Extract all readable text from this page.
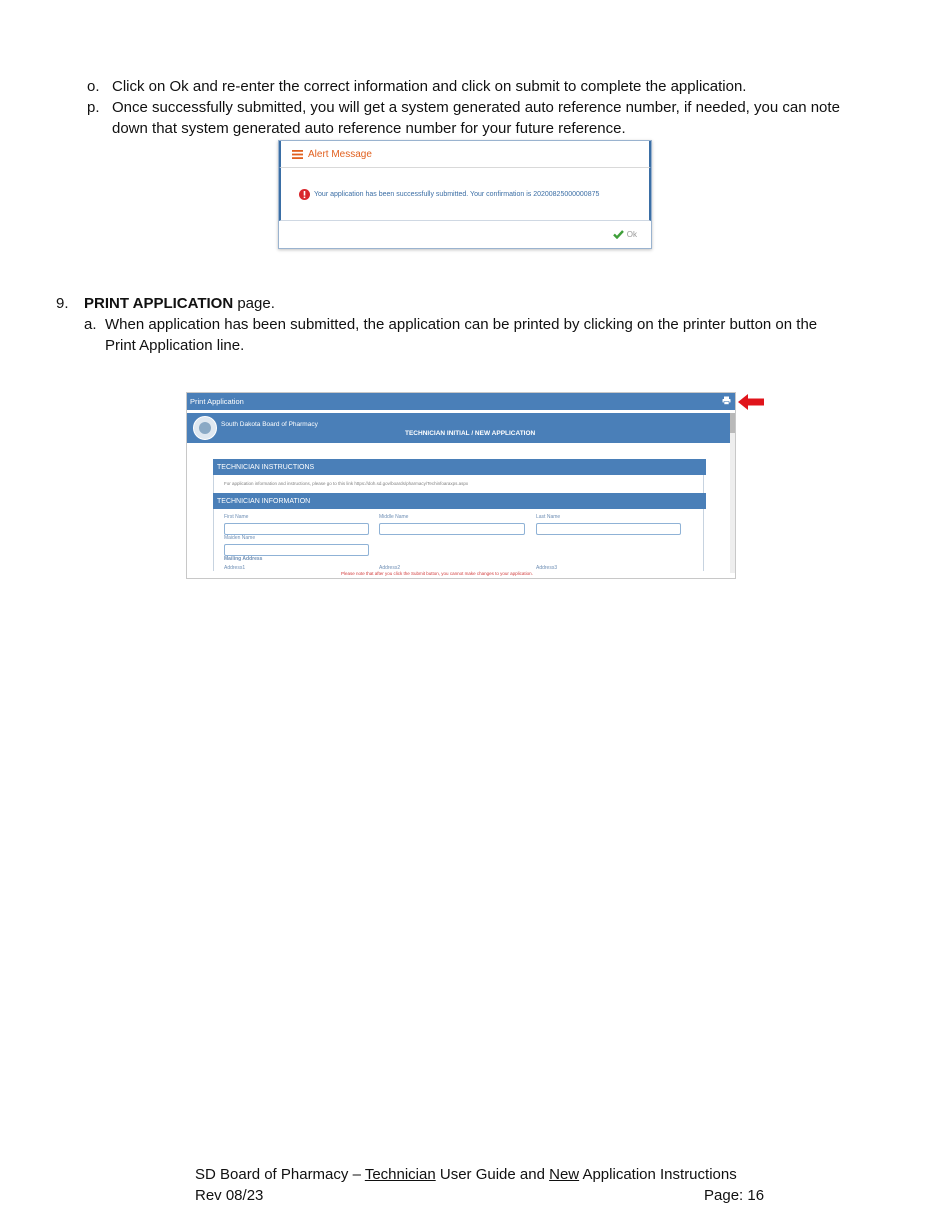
o. Click on Ok and re-enter the correct information and click on submit to complete the application.
p. Once successfully submitted, you will get a system generated auto reference number, if needed, you can note
down that system generated auto reference number for your future reference.
Alert Message
Your application has been successfully submitted. Your confirmation is 20200825000000875
Ok
9.	PRINT APPLICATION page.
a. When application has been submitted, the application can be printed by clicking on the printer button on the
Print Application line.
Print Application
South Dakota Board of Pharmacy
TECHNICIAN INITIAL / NEW APPLICATION
TECHNICIAN INSTRUCTIONS
For application information and instructions, please go to this link https://doh.sd.gov/boards/pharmacy/Techinfoaraxps.aspx
TECHNICIAN INFORMATION
First Name	Middle Name	Last Name
-----
Maiden Name
Mailing Address
Address1	Address2	Address3
Please note that after you click the Submit button, you cannot make changes to your application.
SD Board of Pharmacy – Technician User Guide and New Application Instructions
Rev 08/23	Page: 16
